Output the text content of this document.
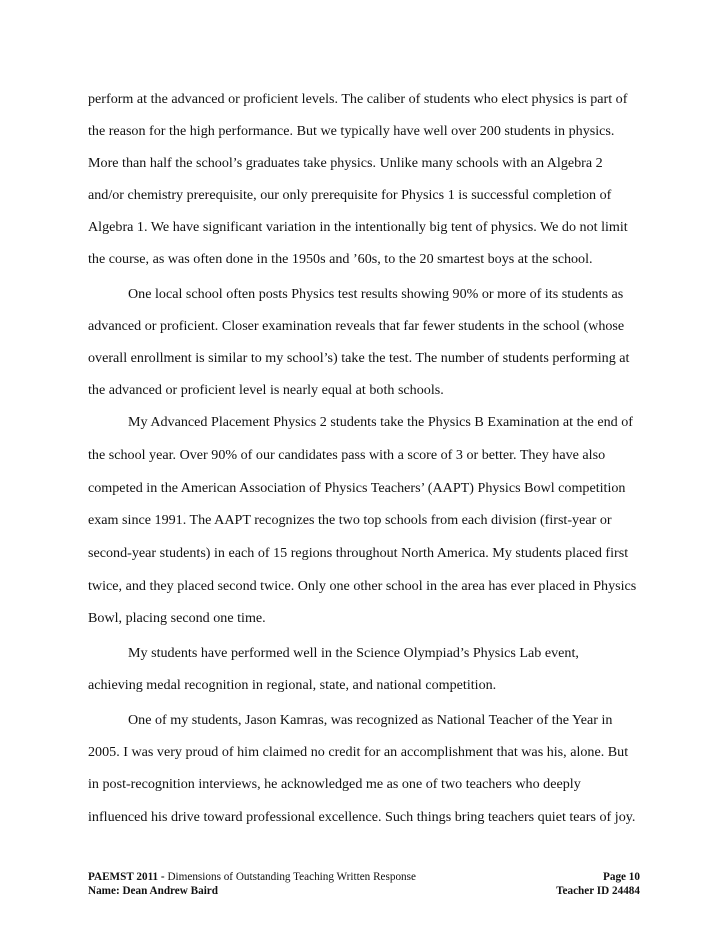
perform at the advanced or proficient levels. The caliber of students who elect physics is part of
the reason for the high performance. But we typically have well over 200 students in physics.
More than half the school’s graduates take physics. Unlike many schools with an Algebra 2
and/or chemistry prerequisite, our only prerequisite for Physics 1 is successful completion of
Algebra 1. We have significant variation in the intentionally big tent of physics. We do not limit
the course, as was often done in the 1950s and ’60s, to the 20 smartest boys at the school.
One local school often posts Physics test results showing 90% or more of its students as
advanced or proficient. Closer examination reveals that far fewer students in the school (whose
overall enrollment is similar to my school’s) take the test. The number of students performing at
the advanced or proficient level is nearly equal at both schools.
My Advanced Placement Physics 2 students take the Physics B Examination at the end of
the school year. Over 90% of our candidates pass with a score of 3 or better. They have also
competed in the American Association of Physics Teachers’ (AAPT) Physics Bowl competition
exam since 1991. The AAPT recognizes the two top schools from each division (first-year or
second-year students) in each of 15 regions throughout North America. My students placed first
twice, and they placed second twice. Only one other school in the area has ever placed in Physics
Bowl, placing second one time.
My students have performed well in the Science Olympiad’s Physics Lab event,
achieving medal recognition in regional, state, and national competition.
One of my students, Jason Kamras, was recognized as National Teacher of the Year in
2005. I was very proud of him claimed no credit for an accomplishment that was his, alone. But
in post-recognition interviews, he acknowledged me as one of two teachers who deeply
influenced his drive toward professional excellence. Such things bring teachers quiet tears of joy.
PAEMST 2011 - Dimensions of Outstanding Teaching Written Response	Page 10
Name: Dean Andrew Baird	Teacher ID 24484
